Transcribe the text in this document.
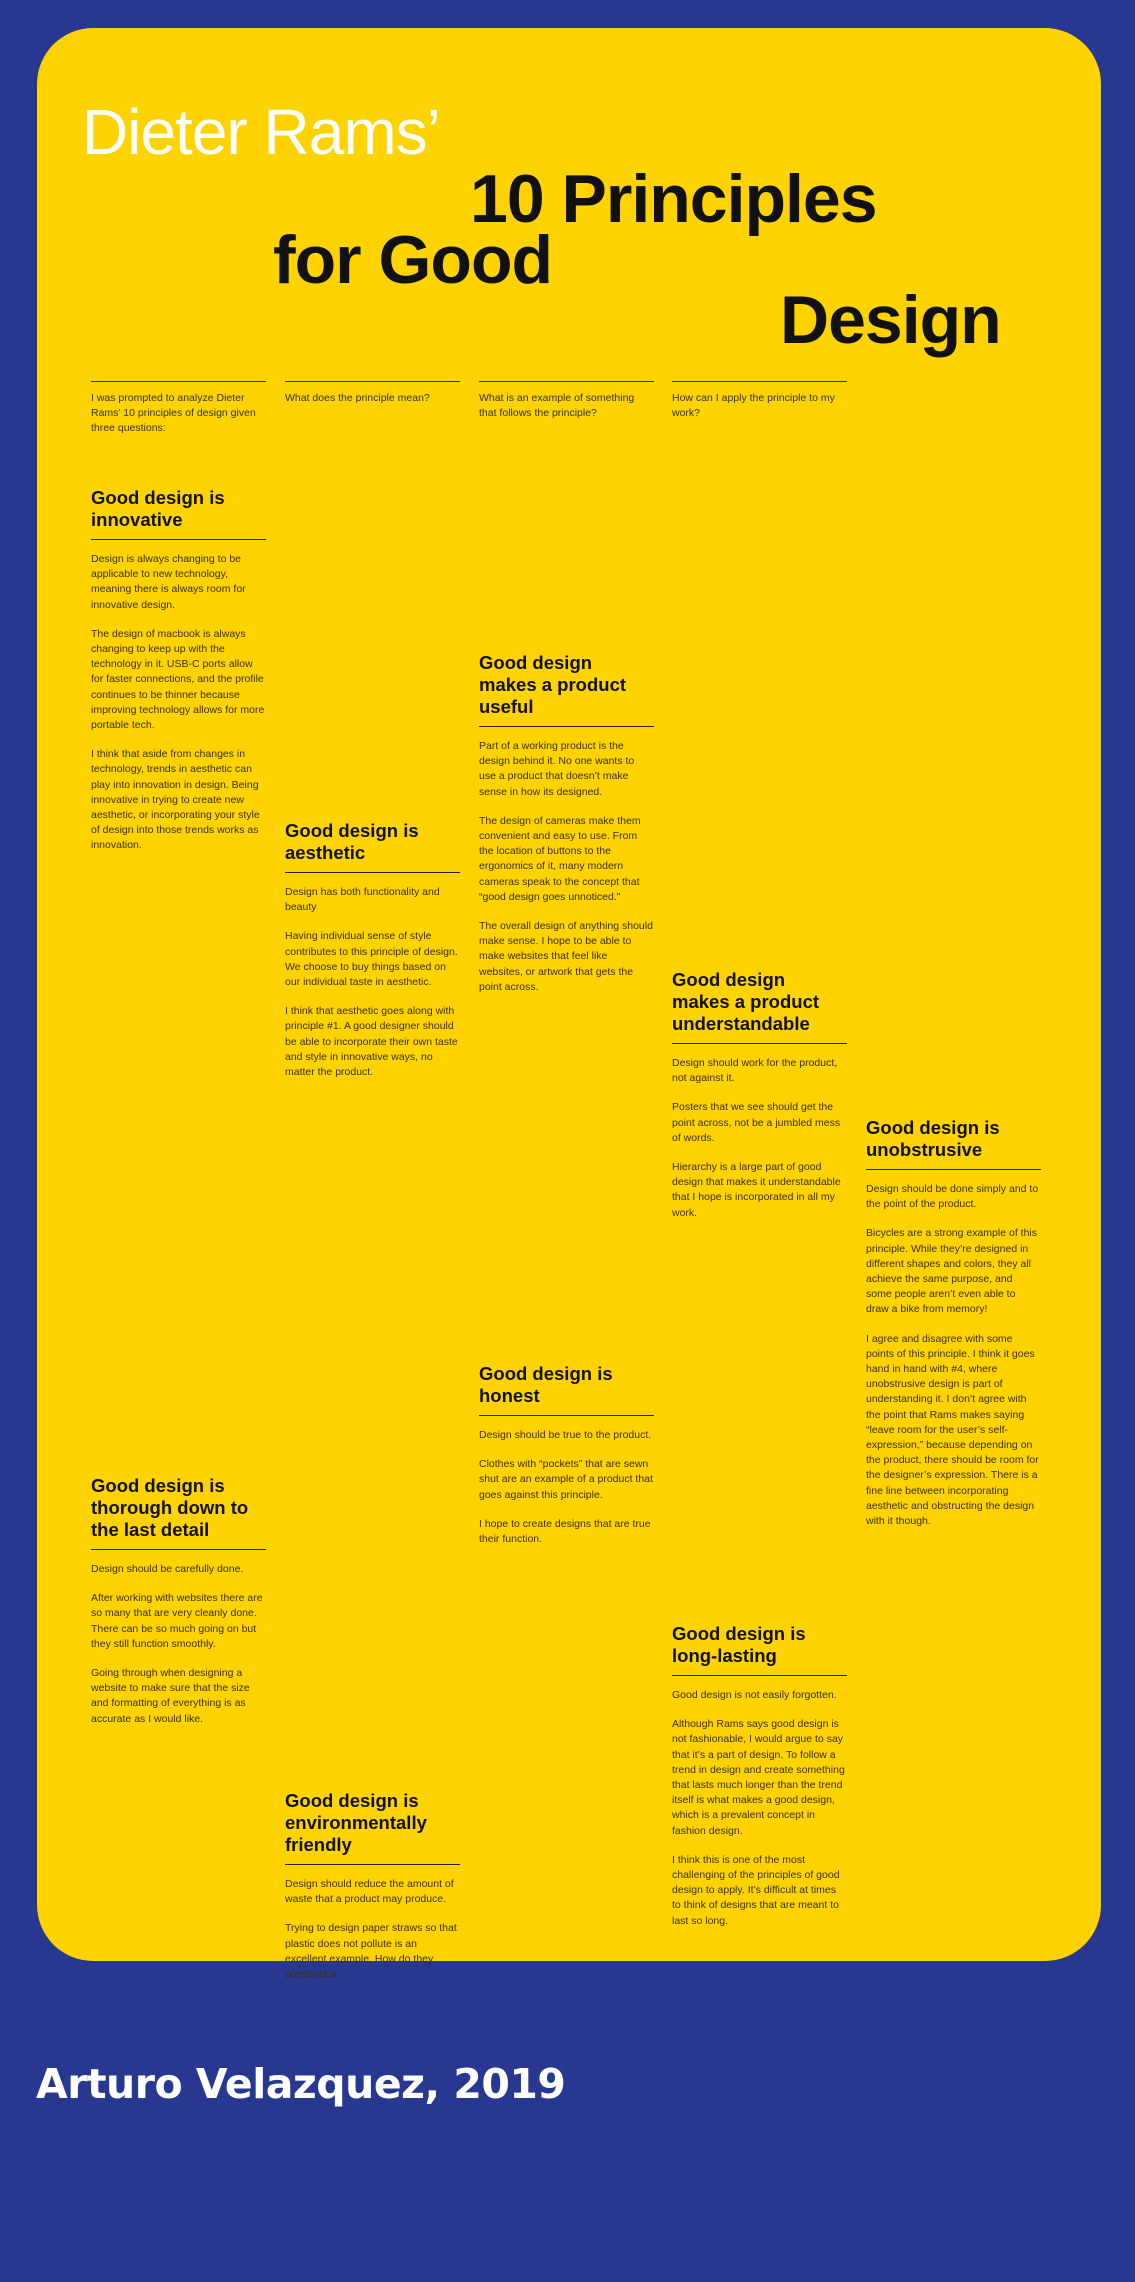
Dieter Rams’
10 Principles
for Good
Design
I was prompted to analyze Dieter Rams’ 10 principles of design given three questions:
What does the principle mean?	What is an example of something that follows the principle?
How can I apply the principle to my work?
Good design is innovative

Design is always changing to be applicable to new technology, meaning there is always room for innovative design.

The design of macbook is always changing to keep up with the technology in it. USB-C ports allow for faster connections, and the profile continues to be thinner because improving technology allows for more portable tech.

I think that aside from changes in technology, trends in aesthetic can play into innovation in design. Being innovative in trying to create new aesthetic, or incorporating your style of design into those trends works as innovation.

Good design makes a product useful

Part of a working product is the design behind it. No one wants to use a product that doesn’t make sense in how its designed.

The design of cameras make them convenient and easy to use. From the location of buttons to the ergonomics of it, many modern cameras speak to the concept that “good design goes unnoticed.”

The overall design of anything should make sense. I hope to be able to make websites that feel like websites, or artwork that gets the point across.

Good design is aesthetic

Design has both functionality and beauty

Having individual sense of style contributes to this principle of design. We choose to buy things based on our individual taste in aesthetic.

I think that aesthetic goes along with principle #1. A good designer should be able to incorporate their own taste and style in innovative ways, no matter the product.

Good design makes a product understandable

Design should work for the product, not against it.

Posters that we see should get the point across, not be a jumbled mess of words.

Hierarchy is a large part of good design that makes it understandable that I hope is incorporated in all my work.

Good design is unobstrusive

Design should be done simply and to the point of the product.

Bicycles are a strong example of this principle. While they’re designed in different shapes and colors, they all achieve the same purpose, and some people aren’t even able to draw a bike from memory!

I agree and disagree with some points of this principle. I think it goes hand in hand with #4, where unobstrusive design is part of understanding it. I don’t agree with the point that Rams makes saying “leave room for the user’s self-expression,” because depending on the product, there should be room for the designer’s expression. There is a fine line between incorporating aesthetic and obstructing the design with it though.

Good design is honest

Design should be true to the product.

Clothes with “pockets” that are sewn shut are an example of a product that goes against this principle.

I hope to create designs that are true their function.

Good design is thorough down to the last detail

Design should be carefully done.

After working with websites there are so many that are very cleanly done. There can be so much going on but they still function smoothly.

Going through when designing a website to make sure that the size and formatting of everything is as accurate as I would like.

Good design is long-lasting

Good design is not easily forgotten.

Although Rams says good design is not fashionable, I would argue to say that it’s a part of design. To follow a trend in design and create something that lasts much longer than the trend itself is what makes a good design, which is a prevalent concept in fashion design.

I think this is one of the most challenging of the principles of good design to apply. It’s difficult at times to think of designs that are meant to last so long.

Good design is environmentally friendly

Design should reduce the amount of waste that a product may produce.

Trying to design paper straws so that plastic does not pollute is an excellent example. How do they construct a

Arturo Velazquez, 2019
